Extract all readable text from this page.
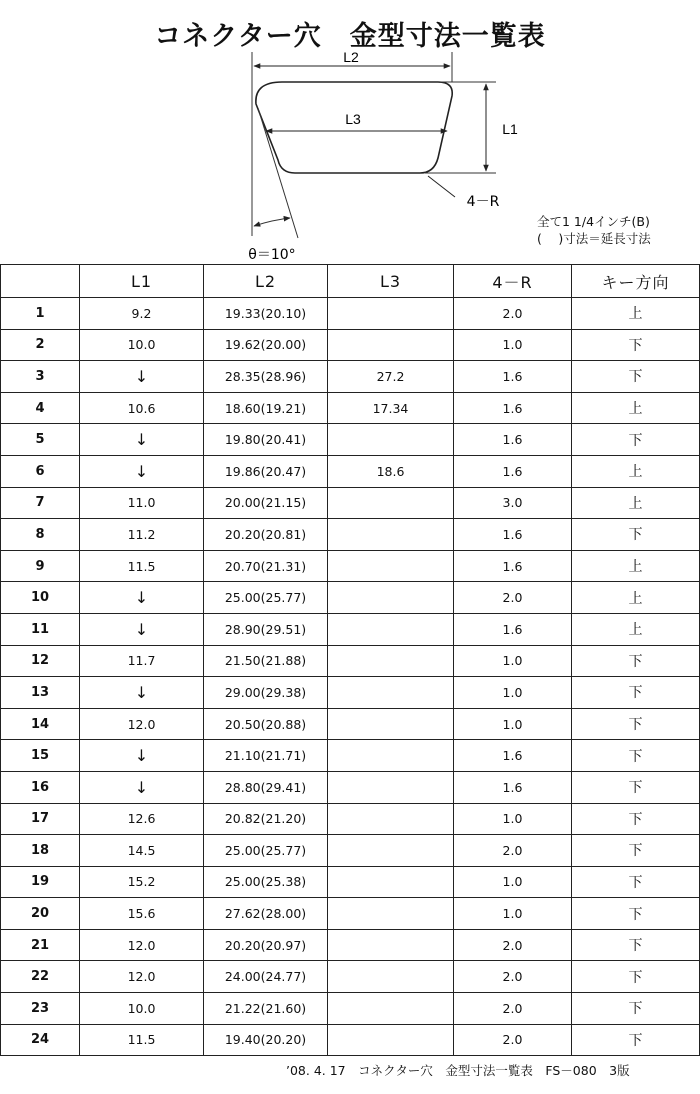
コネクター穴　金型寸法一覧表
L2
L3
L1
4－R
θ＝10°
全て1 1/4インチ(B)
(　 )寸法＝延長寸法
	L1	L2	L3	4－R	キー方向
1	9.2	19.33(20.10)		2.0	上
2	10.0	19.62(20.00)		1.0	下
3	↓	28.35(28.96)	27.2	1.6	下
4	10.6	18.60(19.21)	17.34	1.6	上
5	↓	19.80(20.41)		1.6	下
6	↓	19.86(20.47)	18.6	1.6	上
7	11.0	20.00(21.15)		3.0	上
8	11.2	20.20(20.81)		1.6	下
9	11.5	20.70(21.31)		1.6	上
10	↓	25.00(25.77)		2.0	上
11	↓	28.90(29.51)		1.6	上
12	11.7	21.50(21.88)		1.0	下
13	↓	29.00(29.38)		1.0	下
14	12.0	20.50(20.88)		1.0	下
15	↓	21.10(21.71)		1.6	下
16	↓	28.80(29.41)		1.6	下
17	12.6	20.82(21.20)		1.0	下
18	14.5	25.00(25.77)		2.0	下
19	15.2	25.00(25.38)		1.0	下
20	15.6	27.62(28.00)		1.0	下
21	12.0	20.20(20.97)		2.0	下
22	12.0	24.00(24.77)		2.0	下
23	10.0	21.22(21.60)		2.0	下
24	11.5	19.40(20.20)		2.0	下
’08. 4. 17　コネクター穴　金型寸法一覧表　FS－080　3版
